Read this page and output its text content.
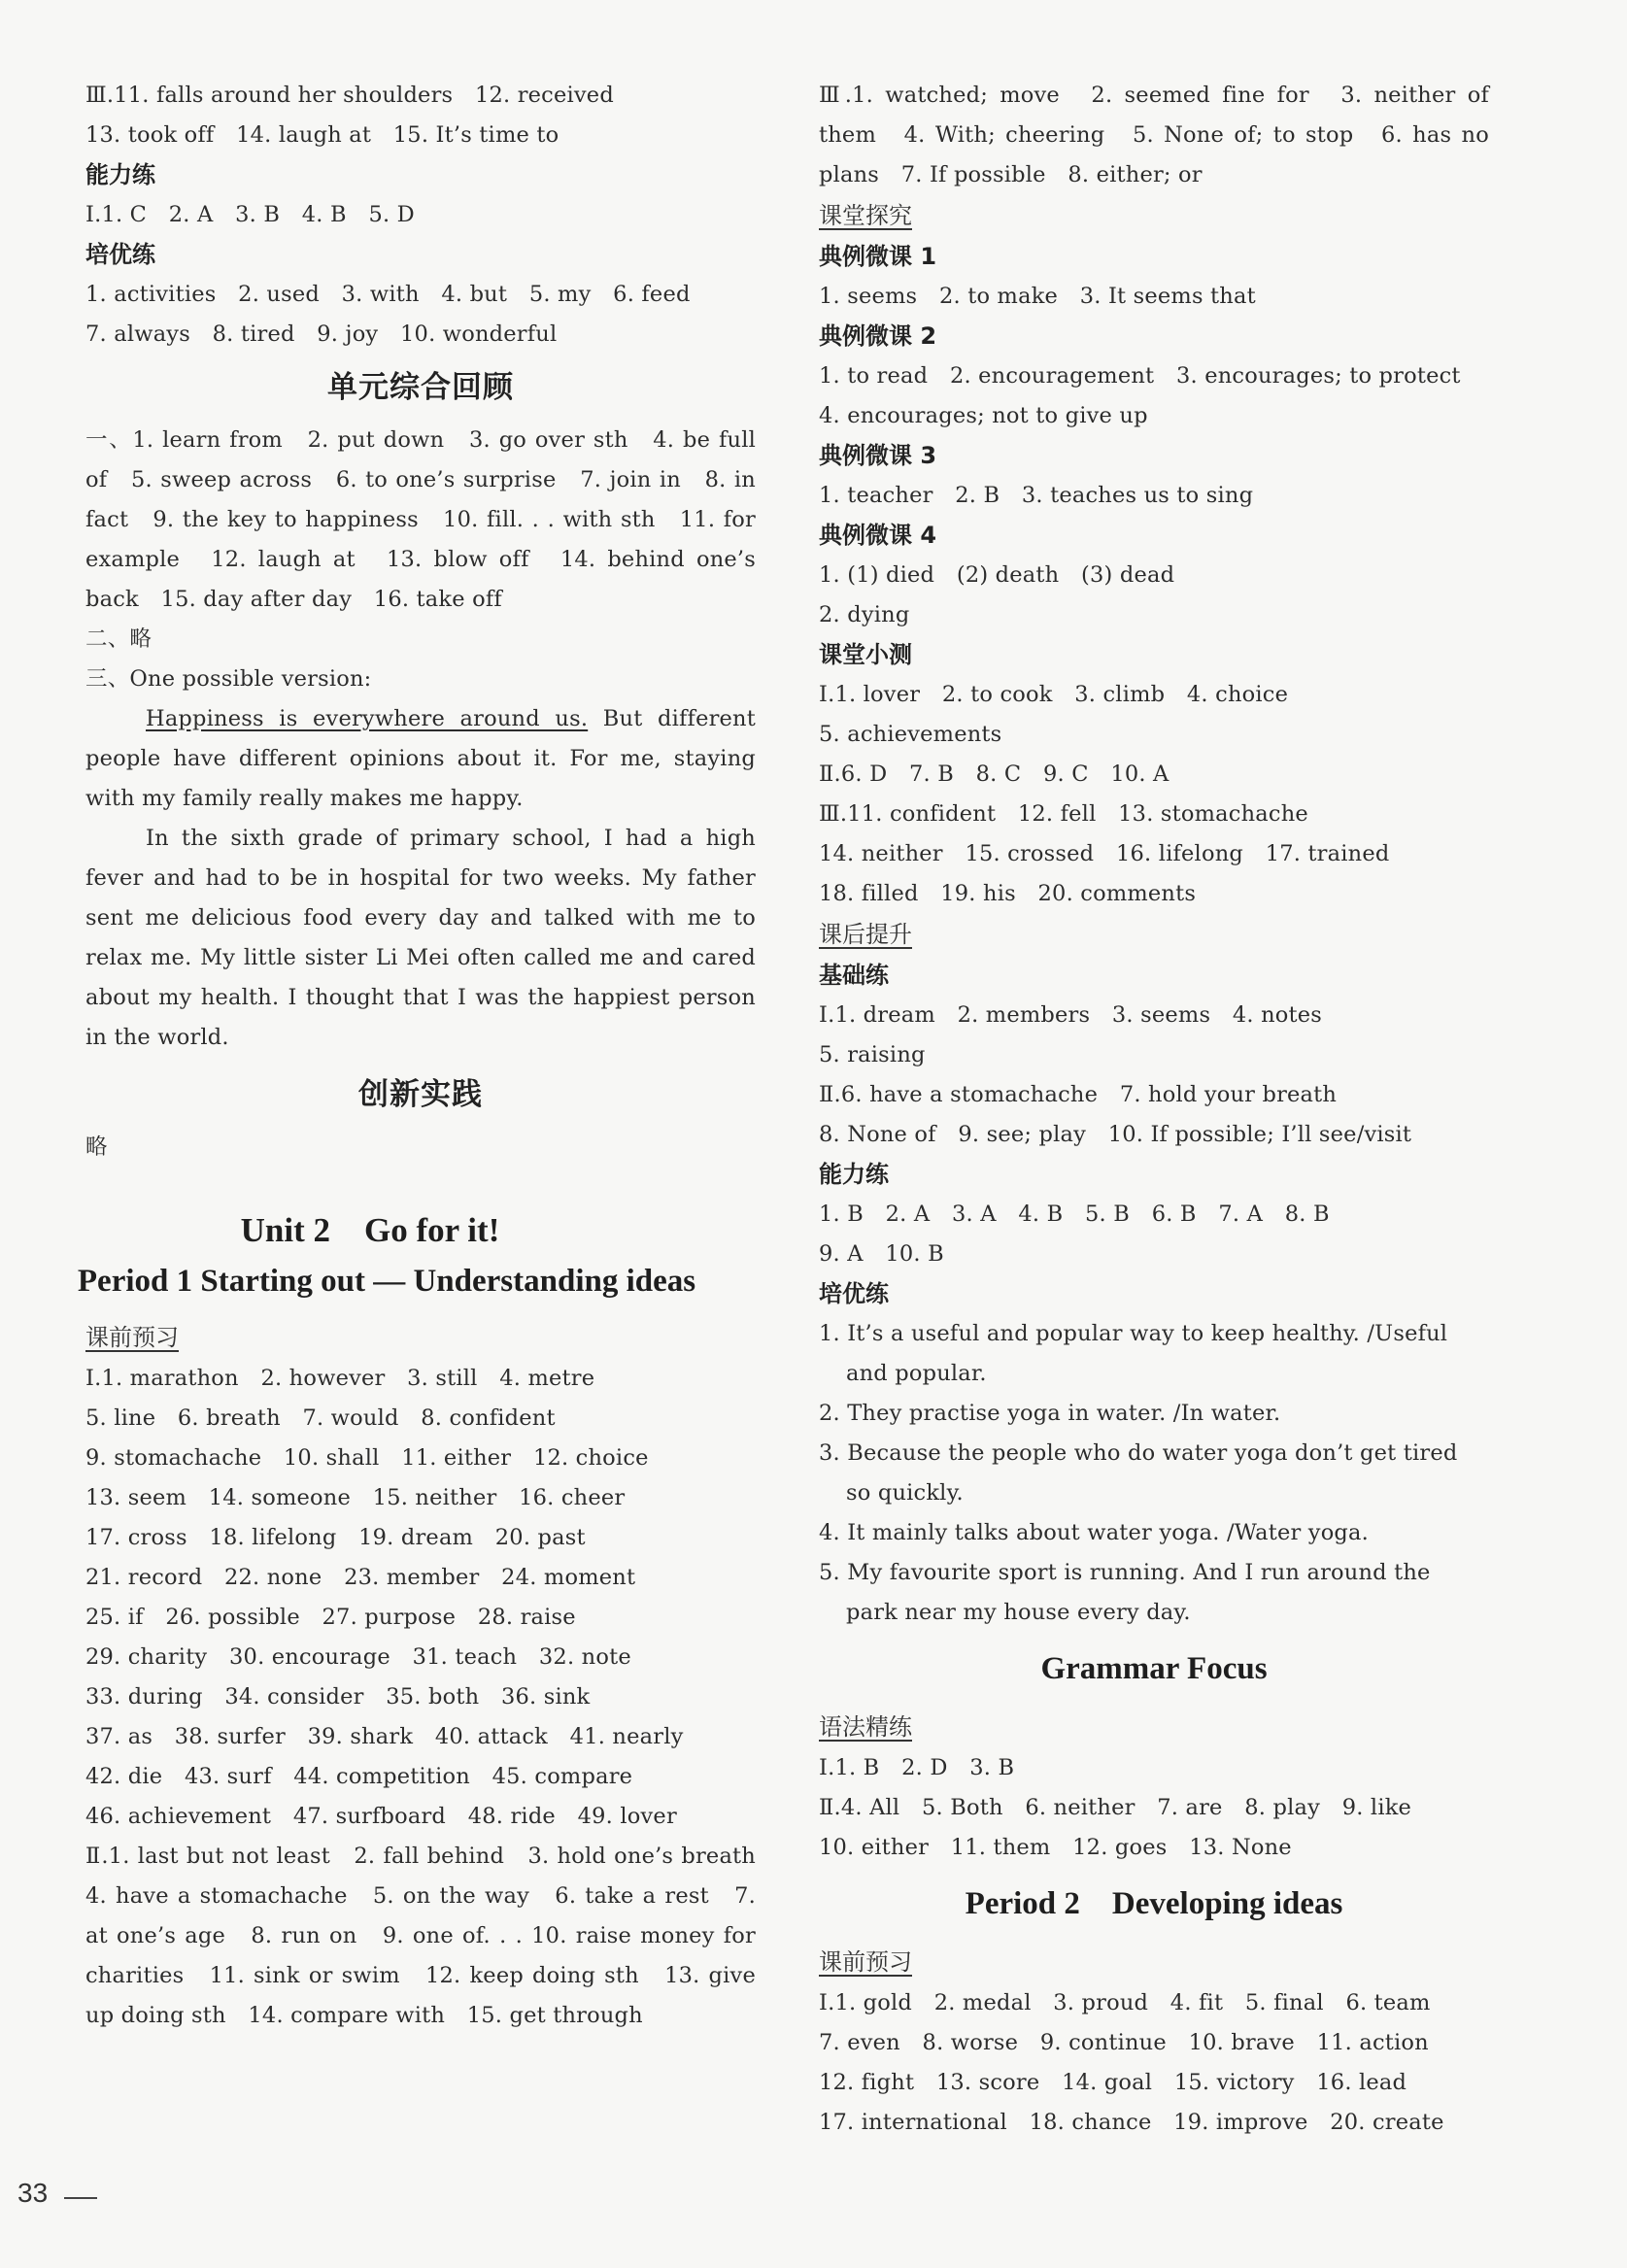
Ⅲ.11. falls around her shoulders　12. received
13. took off　14. laugh at　15. It’s time to
能力练
Ⅰ.1. C　2. A　3. B　4. B　5. D
培优练
1. activities　2. used　3. with　4. but　5. my　6. feed
7. always　8. tired　9. joy　10. wonderful
单元综合回顾
一、1. learn from　2. put down　3. go over sth　4. be full of　5. sweep across　6. to one’s surprise　7. join in　8. in fact　9. the key to happiness　10. fill. . . with sth　11. for example　12. laugh at　13. blow off　14. behind one’s back　15. day after day　16. take off
二、略
三、One possible version:
Happiness is everywhere around us. But different people have different opinions about it. For me, staying with my family really makes me happy.
In the sixth grade of primary school, I had a high fever and had to be in hospital for two weeks. My father sent me delicious food every day and talked with me to relax me. My little sister Li Mei often called me and cared about my health. I thought that I was the happiest person in the world.
创新实践
略
Unit 2　Go for it!
Period 1 Starting out — Understanding ideas
课前预习
Ⅰ.1. marathon　2. however　3. still　4. metre
5. line　6. breath　7. would　8. confident
9. stomachache　10. shall　11. either　12. choice
13. seem　14. someone　15. neither　16. cheer
17. cross　18. lifelong　19. dream　20. past
21. record　22. none　23. member　24. moment
25. if　26. possible　27. purpose　28. raise
29. charity　30. encourage　31. teach　32. note
33. during　34. consider　35. both　36. sink
37. as　38. surfer　39. shark　40. attack　41. nearly
42. die　43. surf　44. competition　45. compare
46. achievement　47. surfboard　48. ride　49. lover
Ⅱ.1. last but not least　2. fall behind　3. hold one’s breath　4. have a stomachache　5. on the way　6. take a rest　7. at one’s age　8. run on　9. one of. . . 10. raise money for charities　11. sink or swim　12. keep doing sth　13. give up doing sth　14. compare with　15. get through
Ⅲ.1. watched; move　2. seemed fine for　3. neither of them　4. With; cheering　5. None of; to stop　6. has no plans　7. If possible　8. either; or
课堂探究
典例微课 1
1. seems　2. to make　3. It seems that
典例微课 2
1. to read　2. encouragement　3. encourages; to protect
4. encourages; not to give up
典例微课 3
1. teacher　2. B　3. teaches us to sing
典例微课 4
1. (1) died　(2) death　(3) dead
2. dying
课堂小测
Ⅰ.1. lover　2. to cook　3. climb　4. choice
5. achievements
Ⅱ.6. D　7. B　8. C　9. C　10. A
Ⅲ.11. confident　12. fell　13. stomachache
14. neither　15. crossed　16. lifelong　17. trained
18. filled　19. his　20. comments
课后提升
基础练
Ⅰ.1. dream　2. members　3. seems　4. notes
5. raising
Ⅱ.6. have a stomachache　7. hold your breath
8. None of　9. see; play　10. If possible; I’ll see/visit
能力练
1. B　2. A　3. A　4. B　5. B　6. B　7. A　8. B
9. A　10. B
培优练
1. It’s a useful and popular way to keep healthy. /Useful
and popular.
2. They practise yoga in water. /In water.
3. Because the people who do water yoga don’t get tired
so quickly.
4. It mainly talks about water yoga. /Water yoga.
5. My favourite sport is running. And I run around the
park near my house every day.
Grammar Focus
语法精练
Ⅰ.1. B　2. D　3. B
Ⅱ.4. All　5. Both　6. neither　7. are　8. play　9. like
10. either　11. them　12. goes　13. None
Period 2　Developing ideas
课前预习
Ⅰ.1. gold　2. medal　3. proud　4. fit　5. final　6. team
7. even　8. worse　9. continue　10. brave　11. action
12. fight　13. score　14. goal　15. victory　16. lead
17. international　18. chance　19. improve　20. create
33
